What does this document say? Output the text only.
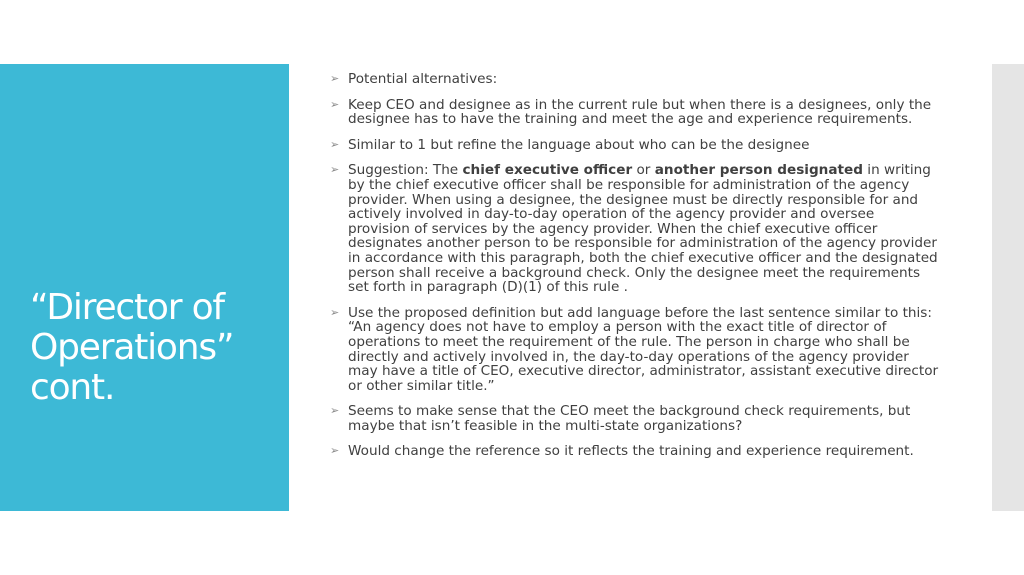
“Director of Operations” cont.
➢ Potential alternatives:
➢ Keep CEO and designee as in the current rule but when there is a designees, only the designee has to have the training and meet the age and experience requirements.
➢ Similar to 1 but refine the language about who can be the designee
➢ Suggestion: The chief executive officer or another person designated in writing by the chief executive officer shall be responsible for administration of the agency provider. When using a designee, the designee must be directly responsible for and actively involved in day-to-day operation of the agency provider and oversee provision of services by the agency provider. When the chief executive officer designates another person to be responsible for administration of the agency provider in accordance with this paragraph, both the chief executive officer and the designated person shall receive a background check. Only the designee meet the requirements set forth in paragraph (D)(1) of this rule .
➢ Use the proposed definition but add language before the last sentence similar to this: “An agency does not have to employ a person with the exact title of director of operations to meet the requirement of the rule. The person in charge who shall be directly and actively involved in, the day-to-day operations of the agency provider may have a title of CEO, executive director, administrator, assistant executive director or other similar title.”
➢ Seems to make sense that the CEO meet the background check requirements, but maybe that isn’t feasible in the multi-state organizations?
➢ Would change the reference so it reflects the training and experience requirement.
